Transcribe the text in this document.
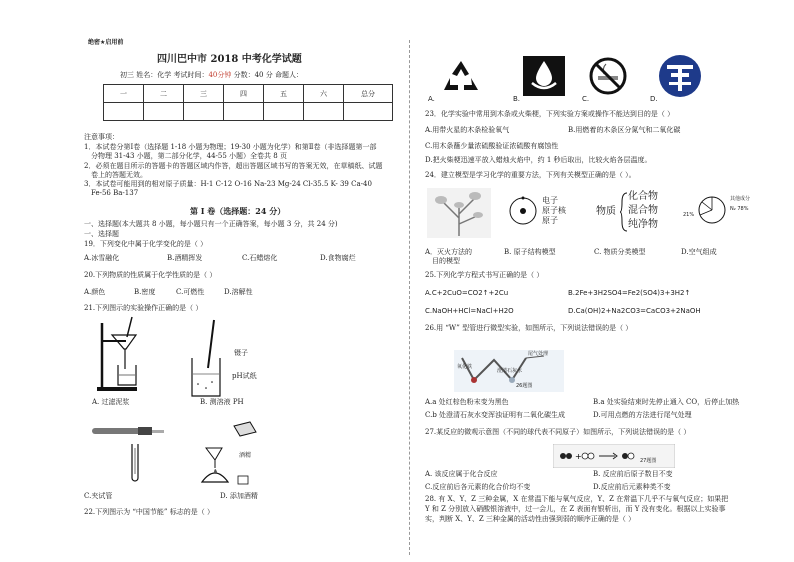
绝密★启用前
四川巴中市 2018 中考化学试题
初三 姓名：化学 考试时间：40分钟 分数：40 分 命题人：
一	二	三	四	五	六	总分

注意事项：
1．本试卷分第Ⅰ卷（选择题 1-18 小题为物理；19-30 小题为化学）和第Ⅱ卷（非选择题第一部
分物理 31-43 小题，第二部分化学，44-55 小题）全卷共 8 页
2．必须在题目所示的答题卡的答题区域内作答，超出答题区域书写的答案无效，在草稿纸、试题
卷上的答题无效。
3．本试卷可能用到的相对原子质量：H-1 C-12 O-16 Na-23 Mg-24 Cl-35.5 K- 39 Ca-40
Fe-56 Ba-137
第 I 卷（选择题：24 分）
一、选择题(本大题共 8 小题，每小题只有一个正确答案，每小题 3 分，共 24 分)
一、选择题
19．下列变化中属于化学变化的是（ ）
A.冰雪融化	B.酒精挥发	C.石蜡熔化	D.食物腐烂
20.下列物质的性质属于化学性质的是（ ）
A.颜色	B.密度	C.可燃性	D.溶解性
21.下列图示的实验操作正确的是（ ）
A. 过滤泥浆
镊子
pH试纸
B. 测溶液 PH
C.夹试管
酒精
D. 添加酒精
22.下列图示为 “中国节能” 标志的是（ ）
A.	B.	C.	D.
23．化学实验中常用到木条或火柴梗，下列实验方案或操作不能达到目的是（ ）
A.用带火星的木条检验氧气	B.用燃着的木条区分氮气和二氧化碳
C.用木条蘸少量浓硫酸验证浓硫酸有腐蚀性
D.把火柴梗迅速平放入蜡烛火焰中，约 1 秒后取出，比较火焰各层温度。
24．建立模型是学习化学的重要方法，下列有关模型正确的是（ ）。
电子
原子核
原子
物质
化合物
混合物
纯净物
其他成分
N₂ 78%
21%
A．灭火方法的
目的模型
B. 原子结构模型	C. 物质分类模型	D.空气组成
25.下列化学方程式书写正确的是（ ）
A.C+2CuO=CO2↑+2Cu	B.2Fe+3H2SO4=Fe2(SO4)3+3H2↑
C.NaOH+HCl=NaCl+H2O	D.Ca(OH)2+Na2CO3=CaCO3+2NaOH
26.用 “W” 型管进行微型实验，如图所示，下列说法错误的是（ ）
尾气处理
澄清石灰水
氧化铁
26题图
A.a 处红棕色粉末变为黑色	B.a 处实验结束时先停止通入 CO，后停止加热
C.b 处澄清石灰水变浑浊证明有二氧化碳生成	D.可用点燃的方法进行尾气处理
27.某反应的微观示意图（不同的球代表不同原子）如图所示，下列说法错误的是（ ）
+	27题图
A. 该反应属于化合反应	B. 反应前后原子数目不变
C.反应前后各元素的化合价均不变	D.反应前后元素种类不变
28. 有 X、Y、Z 三种金属，X 在常温下能与氧气反应，Y、Z 在常温下几乎不与氧气反应；如果把
Y 和 Z 分别放入硝酸银溶液中，过一会儿，在 Z 表面有银析出，而 Y 没有变化。根据以上实验事
实，判断 X、Y、Z 三种金属的活动性由强到弱的顺序正确的是（ ）
